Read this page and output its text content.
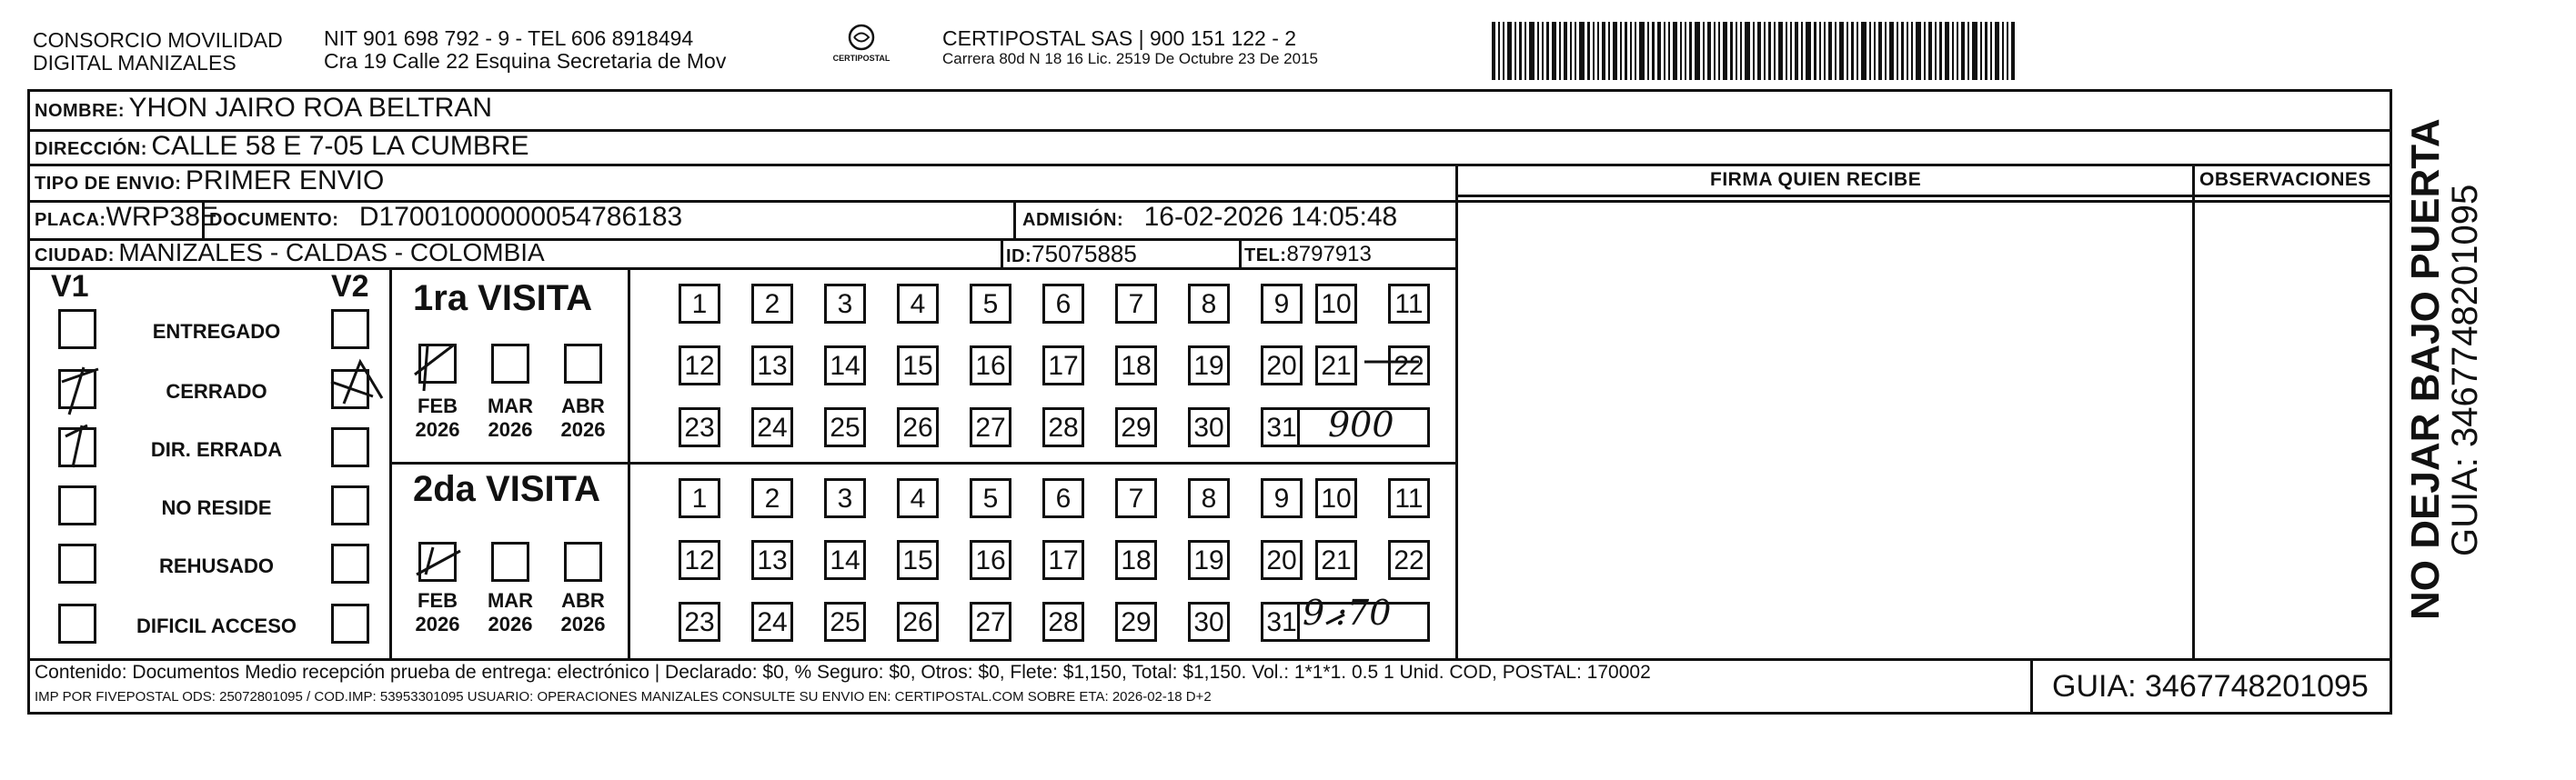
CONSORCIO MOVILIDAD
DIGITAL MANIZALES
NIT 901 698 792 - 9 - TEL 606 8918494
Cra 19 Calle 22 Esquina Secretaria de Mov	CERTIPOSTAL
CERTIPOSTAL SAS | 900 151 122 - 2
Carrera 80d N 18 16 Lic. 2519 De Octubre 23 De 2015
NOMBRE: YHON JAIRO ROA BELTRAN
DIRECCIÓN: CALLE 58 E 7-05 LA CUMBRE
TIPO DE ENVIO: PRIMER ENVIO
PLACA:WRP38E
DOCUMENTO: D17001000000054786183	ADMISIÓN: 16-02-2026 14:05:48
CIUDAD: MANIZALES - CALDAS - COLOMBIA	ID:75075885	TEL:8797913
FIRMA QUIEN RECIBE	OBSERVACIONES
V1	V2
ENTREGADO
CERRADO
DIR. ERRADA
NO RESIDE
REHUSADO
DIFICIL ACCESO
1ra VISITA
2da VISITA
FEB
2026
MAR
2026
ABR
2026
1	2	3	4	5	6	7	8	9	10 11
12 13 14 15 16 17 18 19 20 21 22
23 24 25 26 27 28 29 30 31
FEB
2026
MAR
2026
ABR
2026
1	2	3	4	5	6	7	8	9	10 11
12 13 14 15 16 17 18 19 20 21 22
23 24 25 26 27 28 29 30 31
900
9 :70
Contenido: Documentos Medio recepción prueba de entrega: electrónico | Declarado: $0, % Seguro: $0, Otros: $0, Flete: $1,150, Total: $1,150. Vol.: 1*1*1. 0.5 1 Unid. COD, POSTAL: 170002
IMP POR FIVEPOSTAL ODS: 25072801095 / COD.IMP: 53953301095 USUARIO: OPERACIONES MANIZALES CONSULTE SU ENVIO EN: CERTIPOSTAL.COM SOBRE ETA: 2026-02-18 D+2	GUIA: 3467748201095
NO DEJAR BAJO PUERTA
GUIA: 3467748201095
